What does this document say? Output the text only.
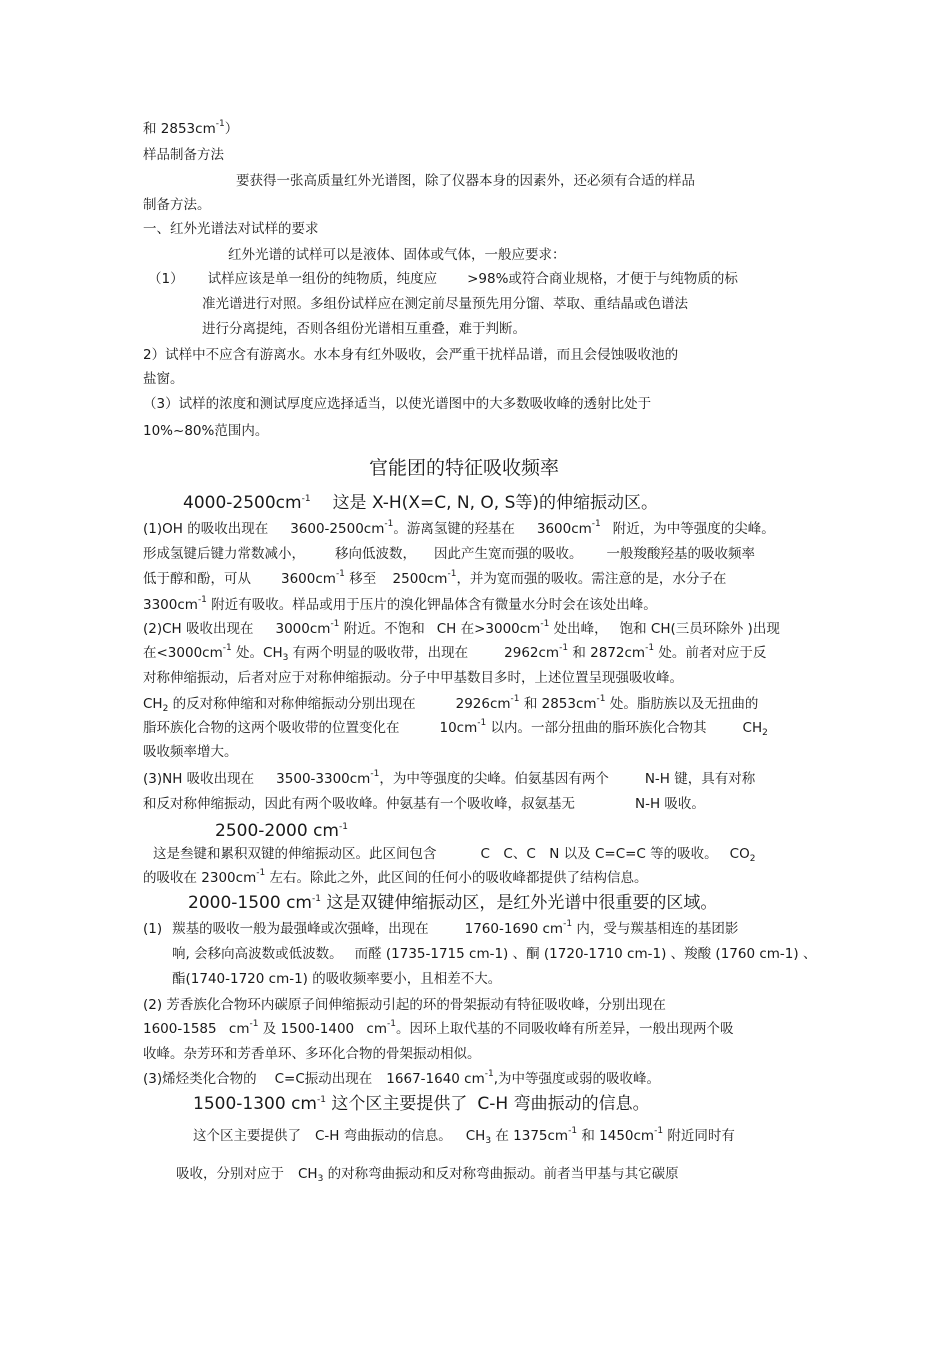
和 $2853cm^{-1}$）
样品制备方法
要获得一张高质量红外光谱图，除了仪器本身的因素外，还必须有合适的样品
制备方法。
一、红外光谱法对试样的要求
红外光谱的试样可以是液体、固体或气体，一般应要求：
（1） 试样应该是单一组份的纯物质，纯度应 >98%或符合商业规格，才便于与纯物质的标
准光谱进行对照。多组份试样应在测定前尽量预先用分馏、萃取、重结晶或色谱法
进行分离提纯，否则各组份光谱相互重叠，难于判断。
2）试样中不应含有游离水。水本身有红外吸收，会严重干扰样品谱，而且会侵蚀吸收池的
盐窗。
（3）试样的浓度和测试厚度应选择适当，以使光谱图中的大多数吸收峰的透射比处于
10%~80%范围内。
官能团的特征吸收频率
$4000-2500cm^{-1}$ 这是 X-H(X=C, N, O, S等)的伸缩振动区。
(1)OH 的吸收出现在 $3600-2500cm^{-1}$。游离氢键的羟基在 $3600cm^{-1}$ 附近，为中等强度的尖峰。
形成氢键后键力常数减小， 移向低波数， 因此产生宽而强的吸收。 一般羧酸羟基的吸收频率
低于醇和酚，可从 $3600cm^{-1}$ 移至 $2500cm^{-1}$，并为宽而强的吸收。需注意的是，水分子在
$3300cm^{-1}$ 附近有吸收。样品或用于压片的溴化钾晶体含有微量水分时会在该处出峰。
(2)CH 吸收出现在 $3000cm^{-1}$ 附近。不饱和 CH 在$>3000cm^{-1}$ 处出峰， 饱和 CH(三员环除外 )出现
在$<3000cm^{-1}$ 处。$CH_3$ 有两个明显的吸收带，出现在	$2962cm^{-1}$ 和 $2872cm^{-1}$ 处。前者对应于反
对称伸缩振动，后者对应于对称伸缩振动。分子中甲基数目多时，上述位置呈现强吸收峰。
$CH_2$ 的反对称伸缩和对称伸缩振动分别出现在	$2926cm^{-1}$ 和 $2853cm^{-1}$ 处。脂肪族以及无扭曲的
脂环族化合物的这两个吸收带的位置变化在	$10cm^{-1}$ 以内。一部分扭曲的脂环族化合物其	$CH_2$
吸收频率增大。
(3)NH 吸收出现在 $3500-3300cm^{-1}$，为中等强度的尖峰。伯氨基因有两个	N-H 键，具有对称
和反对称伸缩振动，因此有两个吸收峰。仲氨基有一个吸收峰，叔氨基无	N-H 吸收。
2500-2000 $cm^{-1}$
这是叁键和累积双键的伸缩振动区。此区间包含	C　C、C　N 以及 C=C=C 等的吸收。 $CO_2$
的吸收在 $2300cm^{-1}$ 左右。除此之外，此区间的任何小的吸收峰都提供了结构信息。
2000-1500 $cm^{-1}$ 这是双键伸缩振动区，是红外光谱中很重要的区域。
(1) 羰基的吸收一般为最强峰或次强峰，出现在	1760-1690 $cm^{-1}$ 内，受与羰基相连的基团影
响, 会移向高波数或低波数。 而醛 (1735-1715 cm-1) 、酮 (1720-1710 cm-1) 、羧酸 (1760 cm-1) 、
酯(1740-1720 cm-1) 的吸收频率要小，且相差不大。
(2) 芳香族化合物环内碳原子间伸缩振动引起的环的骨架振动有特征吸收峰，分别出现在
1600-1585 $cm^{-1}$ 及 1500-1400 $cm^{-1}$。因环上取代基的不同吸收峰有所差异，一般出现两个吸
收峰。杂芳环和芳香单环、多环化合物的骨架振动相似。
(3)烯烃类化合物的 C=C振动出现在 1667-1640 $cm^{-1}$,为中等强度或弱的吸收峰。
1500-1300 $cm^{-1}$ 这个区主要提供了 C-H 弯曲振动的信息。
这个区主要提供了 C-H 弯曲振动的信息。 $CH_3$ 在 $1375cm^{-1}$ 和 $1450cm^{-1}$ 附近同时有
吸收，分别对应于 $CH_3$ 的对称弯曲振动和反对称弯曲振动。前者当甲基与其它碳原
